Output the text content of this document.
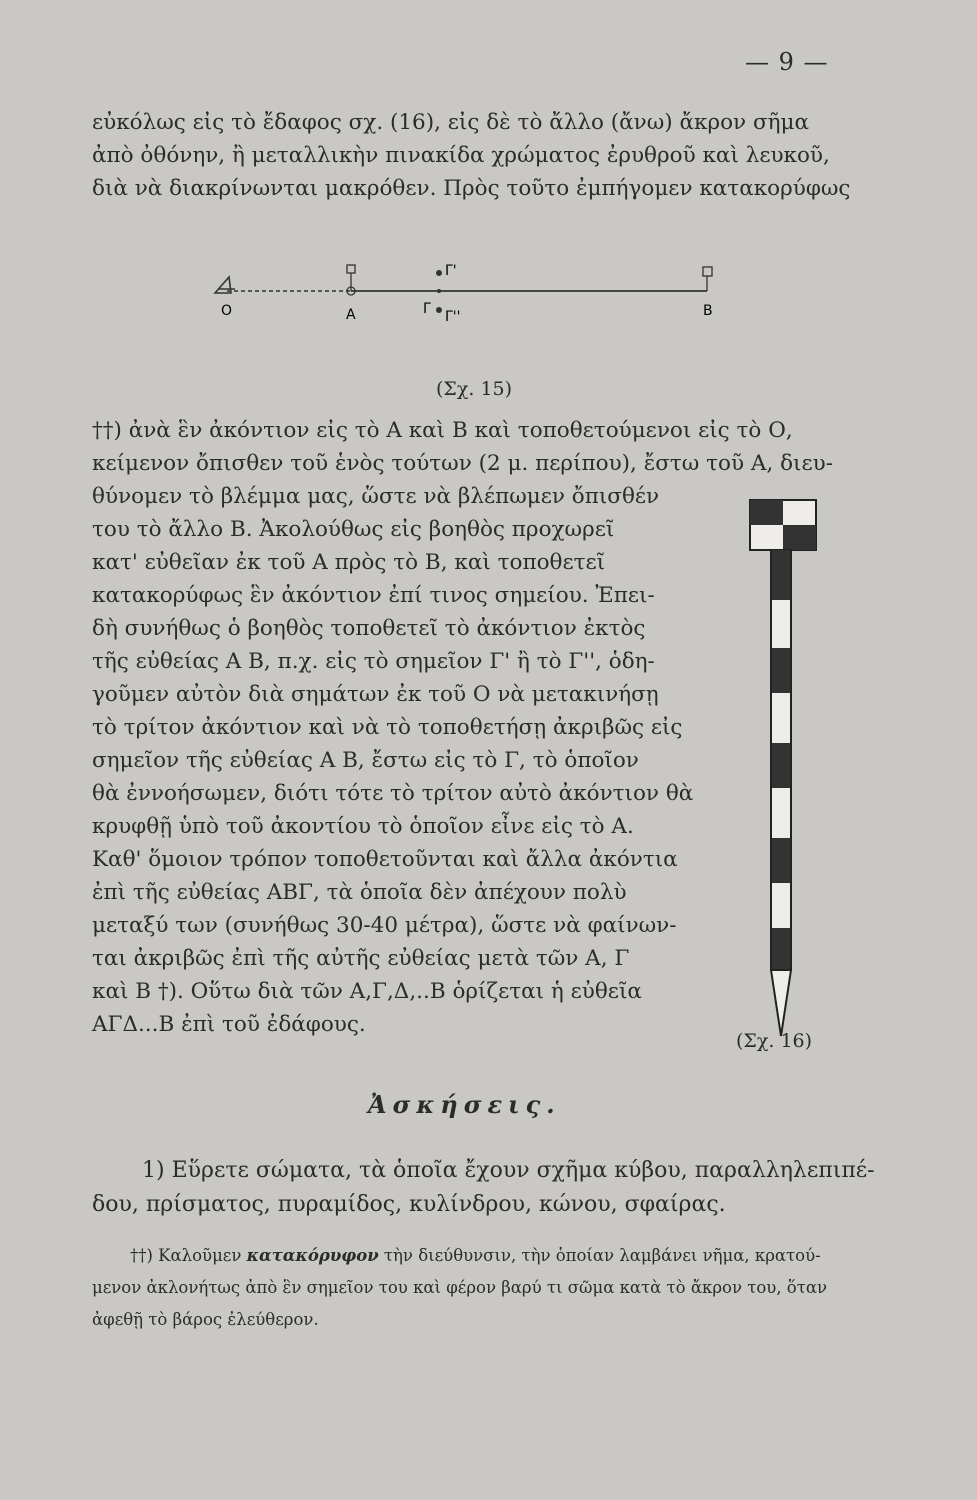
— 9 —
εὐκόλως εἰς τὸ ἔδαφος σχ. (16), εἰς δὲ τὸ ἄλλο (ἄνω) ἄκρον σῆμα
ἀπὸ ὀθόνην, ἢ μεταλλικὴν πινακίδα χρώματος ἐρυθροῦ καὶ λευκοῦ,
διὰ νὰ διακρίνωνται μακρόθεν. Πρὸς τοῦτο ἐμπήγομεν κατακορύφως
O	A	Γ
Γ'
Γ''	B
(Σχ. 15)
††) ἀνὰ ἓν ἀκόντιον εἰς τὸ Α καὶ Β καὶ τοποθετούμενοι εἰς τὸ Ο,
κείμενον ὄπισθεν τοῦ ἑνὸς τούτων (2 μ. περίπου), ἔστω τοῦ Α, διευ-
θύνομεν τὸ βλέμμα μας, ὥστε νὰ βλέπωμεν ὄπισθέν
του τὸ ἄλλο Β. Ἀκολούθως εἰς βοηθὸς προχωρεῖ
κατ' εὐθεῖαν ἐκ τοῦ Α πρὸς τὸ Β, καὶ τοποθετεῖ
κατακορύφως ἓν ἀκόντιον ἐπί τινος σημείου. Ἐπει-
δὴ συνήθως ὁ βοηθὸς τοποθετεῖ τὸ ἀκόντιον ἐκτὸς
τῆς εὐθείας Α Β, π.χ. εἰς τὸ σημεῖον Γ' ἢ τὸ Γ'', ὁδη-
γοῦμεν αὐτὸν διὰ σημάτων ἐκ τοῦ Ο νὰ μετακινήσῃ
τὸ τρίτον ἀκόντιον καὶ νὰ τὸ τοποθετήσῃ ἀκριβῶς εἰς
σημεῖον τῆς εὐθείας Α Β, ἔστω εἰς τὸ Γ, τὸ ὁποῖον
θὰ ἐννοήσωμεν, διότι τότε τὸ τρίτον αὐτὸ ἀκόντιον θὰ
κρυφθῇ ὑπὸ τοῦ ἀκοντίου τὸ ὁποῖον εἶνε εἰς τὸ Α.
Καθ' ὅμοιον τρόπον τοποθετοῦνται καὶ ἄλλα ἀκόντια
ἐπὶ τῆς εὐθείας ΑΒΓ, τὰ ὁποῖα δὲν ἀπέχουν πολὺ
μεταξύ των (συνήθως 30-40 μέτρα), ὥστε νὰ φαίνων-
ται ἀκριβῶς ἐπὶ τῆς αὐτῆς εὐθείας μετὰ τῶν Α, Γ
καὶ Β †). Οὕτω διὰ τῶν Α,Γ,Δ,..Β ὁρίζεται ἡ εὐθεῖα
ΑΓΔ...Β ἐπὶ τοῦ ἐδάφους.
(Σχ. 16)
Ἀσκήσεις.
1) Εὕρετε σώματα, τὰ ὁποῖα ἔχουν σχῆμα κύβου, παραλληλεπιπέ-
δου, πρίσματος, πυραμίδος, κυλίνδρου, κώνου, σφαίρας.
††) Καλοῦμεν κατακόρυφον τὴν διεύθυνσιν, τὴν ὁποίαν λαμβάνει νῆμα, κρατού-
μενον ἀκλονήτως ἀπὸ ἓν σημεῖον του καὶ φέρον βαρύ τι σῶμα κατὰ τὸ ἄκρον του, ὅταν
ἀφεθῇ τὸ βάρος ἐλεύθερον.
